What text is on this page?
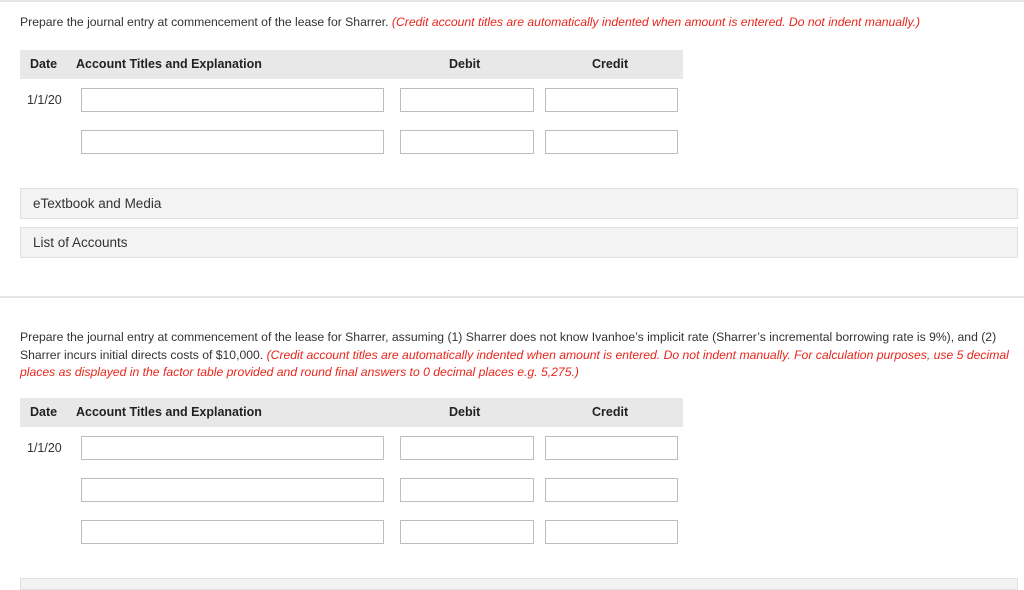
Prepare the journal entry at commencement of the lease for Sharrer. (Credit account titles are automatically indented when amount is entered. Do not indent manually.)
Date Account Titles and Explanation	Debit	Credit
1/1/20
eTextbook and Media
List of Accounts
Prepare the journal entry at commencement of the lease for Sharrer, assuming (1) Sharrer does not know Ivanhoe’s implicit rate (Sharrer’s incremental borrowing rate is 9%), and (2) Sharrer incurs initial directs costs of $10,000. (Credit account titles are automatically indented when amount is entered. Do not indent manually. For calculation purposes, use 5 decimal places as displayed in the factor table provided and round final answers to 0 decimal places e.g. 5,275.)
Date Account Titles and Explanation	Debit	Credit
1/1/20
